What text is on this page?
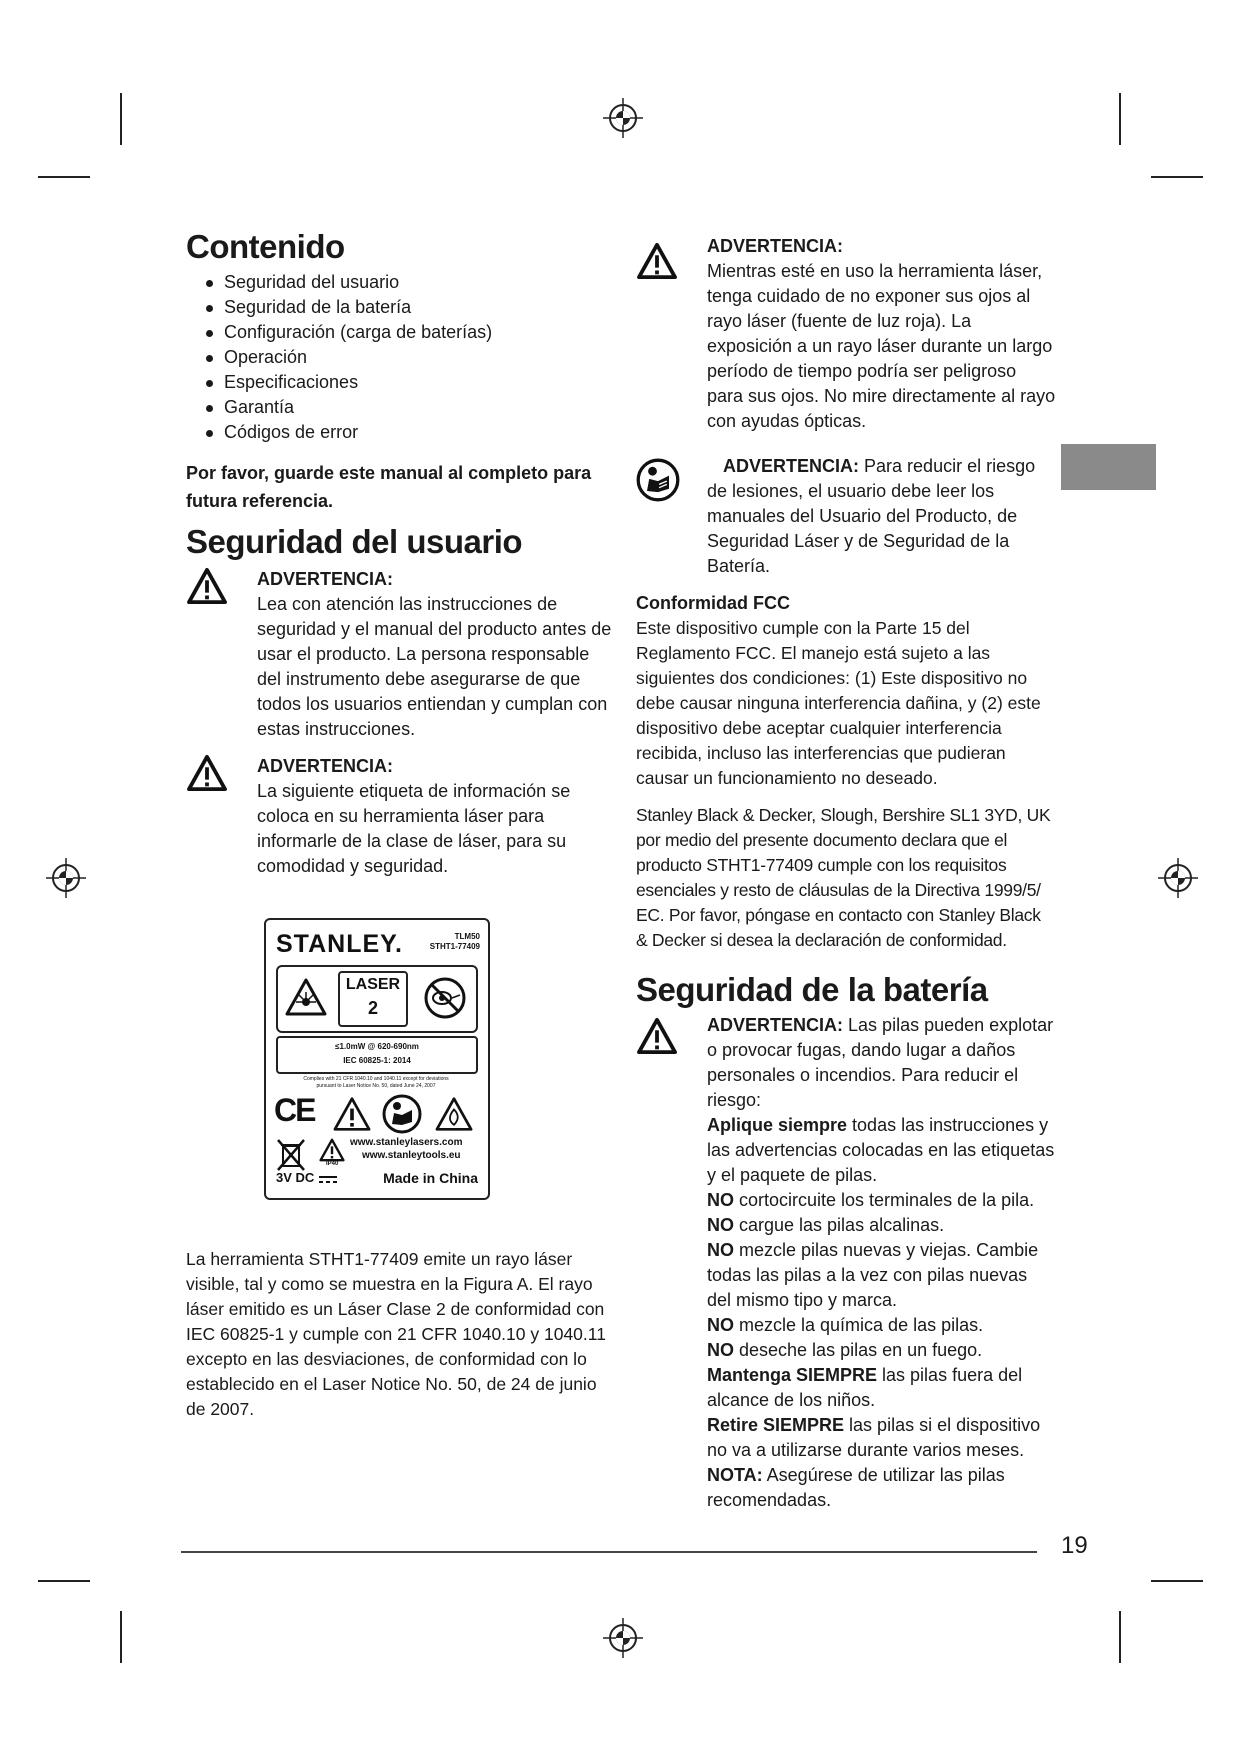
Contenido
Seguridad del usuario
Seguridad de la batería
Configuración (carga de baterías)
Operación
Especificaciones
Garantía
Códigos de error
Por favor, guarde este manual al completo para futura referencia.
Seguridad del usuario
ADVERTENCIA:
Lea con atención las instrucciones de seguridad y el manual del producto antes de usar el producto. La persona responsable del instrumento debe asegurarse de que todos los usuarios entiendan y cumplan con estas instrucciones.
ADVERTENCIA:
La siguiente etiqueta de información se coloca en su herramienta láser para informarle de la clase de láser, para su comodidad y seguridad.
STANLEY.	TLM50
STHT1-77409
LASER
2
≤1.0mW @ 620-690nm
IEC 60825-1: 2014
Complies with 21 CFR 1040.10 and 1040.11 except for deviations
pursuant to Laser Notice No. 50, dated June 24, 2007
CE
IP40
www.stanleylasers.com
www.stanleytools.eu
3V DC	Made in China
La herramienta STHT1-77409 emite un rayo láser visible, tal y como se muestra en la Figura A. El rayo láser emitido es un Láser Clase 2 de conformidad con IEC 60825-1 y cumple con 21 CFR 1040.10 y 1040.11 excepto en las desviaciones, de conformidad con lo establecido en el Laser Notice No. 50, de 24 de junio de 2007.
ADVERTENCIA:
Mientras esté en uso la herramienta láser, tenga cuidado de no exponer sus ojos al rayo láser (fuente de luz roja). La exposición a un rayo láser durante un largo período de tiempo podría ser peligroso para sus ojos. No mire directamente al rayo con ayudas ópticas.
ADVERTENCIA: Para reducir el riesgo de lesiones, el usuario debe leer los manuales del Usuario del Producto, de Seguridad Láser y de Seguridad de la Batería.
Conformidad FCC
Este dispositivo cumple con la Parte 15 del Reglamento FCC. El manejo está sujeto a las siguientes dos condiciones: (1) Este dispositivo no debe causar ninguna interferencia dañina, y (2) este dispositivo debe aceptar cualquier interferencia recibida, incluso las interferencias que pudieran causar un funcionamiento no deseado.
Stanley Black & Decker, Slough, Bershire SL1 3YD, UK por medio del presente documento declara que el producto STHT1-77409 cumple con los requisitos esenciales y resto de cláusulas de la Directiva 1999/5/ EC. Por favor, póngase en contacto con Stanley Black & Decker si desea la declaración de conformidad.
Seguridad de la batería
ADVERTENCIA: Las pilas pueden explotar o provocar fugas, dando lugar a daños personales o incendios. Para reducir el riesgo:
Aplique siempre todas las instrucciones y las advertencias colocadas en las etiquetas y el paquete de pilas.
NO cortocircuite los terminales de la pila.
NO cargue las pilas alcalinas.
NO mezcle pilas nuevas y viejas. Cambie todas las pilas a la vez con pilas nuevas del mismo tipo y marca.
NO mezcle la química de las pilas.
NO deseche las pilas en un fuego.
Mantenga SIEMPRE las pilas fuera del alcance de los niños.
Retire SIEMPRE las pilas si el dispositivo no va a utilizarse durante varios meses.
NOTA: Asegúrese de utilizar las pilas recomendadas.
19
